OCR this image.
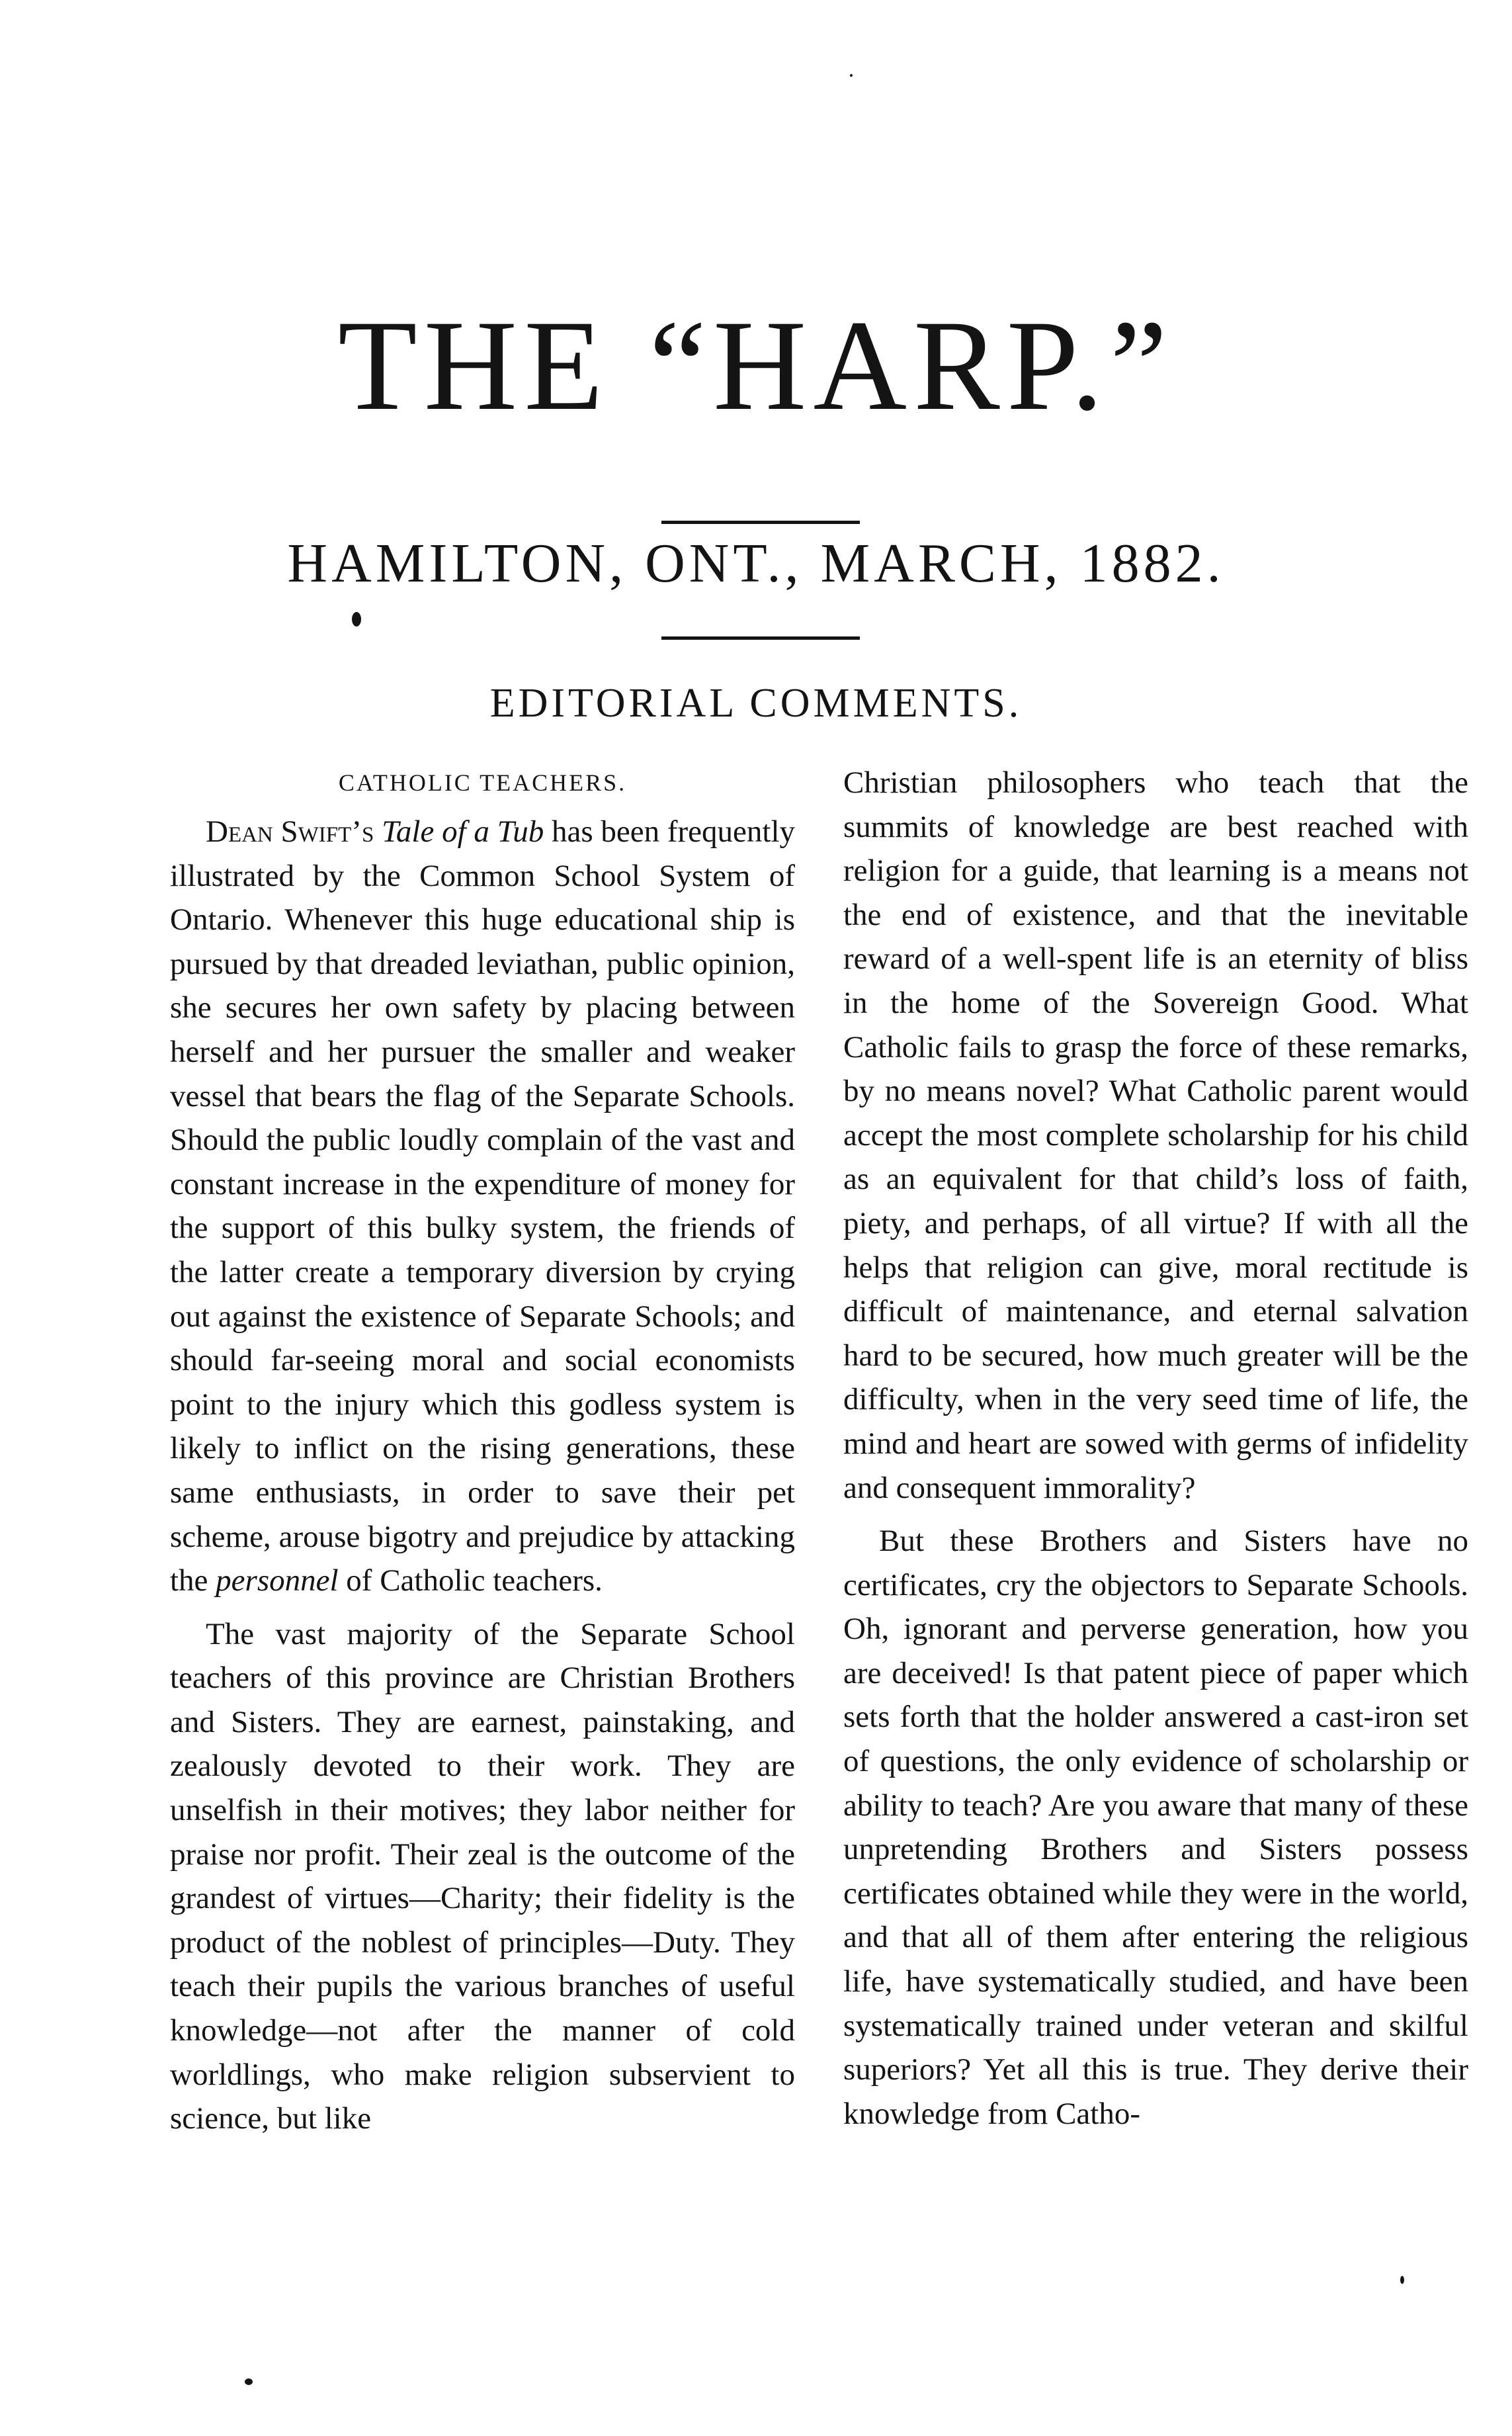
THE “HARP.”
HAMILTON, ONT., MARCH, 1882.
EDITORIAL COMMENTS.
CATHOLIC TEACHERS.

Dean Swift’s Tale of a Tub has been frequently illustrated by the Common School System of Ontario. Whenever this huge educational ship is pursued by that dreaded leviathan, public opinion, she secures her own safety by placing between herself and her pursuer the smaller and weaker vessel that bears the flag of the Separate Schools. Should the public loudly complain of the vast and constant increase in the expenditure of money for the support of this bulky system, the friends of the latter create a temporary diversion by crying out against the existence of Separate Schools; and should far-seeing moral and social economists point to the injury which this godless system is likely to inflict on the rising generations, these same enthusiasts, in order to save their pet scheme, arouse bigotry and prejudice by attacking the personnel of Catholic teachers.

The vast majority of the Separate School teachers of this province are Christian Brothers and Sisters. They are earnest, painstaking, and zealously devoted to their work. They are unselfish in their motives; they labor neither for praise nor profit. Their zeal is the outcome of the grandest of virtues—Charity; their fidelity is the product of the noblest of principles—Duty. They teach their pupils the various branches of useful knowledge—not after the manner of cold worldlings, who make religion subservient to science, but like

Christian philosophers who teach that the summits of knowledge are best reached with religion for a guide, that learning is a means not the end of existence, and that the inevitable reward of a well-spent life is an eternity of bliss in the home of the Sovereign Good. What Catholic fails to grasp the force of these remarks, by no means novel? What Catholic parent would accept the most complete scholarship for his child as an equivalent for that child’s loss of faith, piety, and perhaps, of all virtue? If with all the helps that religion can give, moral rectitude is difficult of maintenance, and eternal salvation hard to be secured, how much greater will be the difficulty, when in the very seed time of life, the mind and heart are sowed with germs of infidelity and consequent immorality?

But these Brothers and Sisters have no certificates, cry the objectors to Separate Schools. Oh, ignorant and perverse generation, how you are deceived! Is that patent piece of paper which sets forth that the holder answered a cast-iron set of questions, the only evidence of scholarship or ability to teach? Are you aware that many of these unpretending Brothers and Sisters possess certificates obtained while they were in the world, and that all of them after entering the religious life, have systematically studied, and have been systematically trained under veteran and skilful superiors? Yet all this is true. They derive their knowledge from Catho-
